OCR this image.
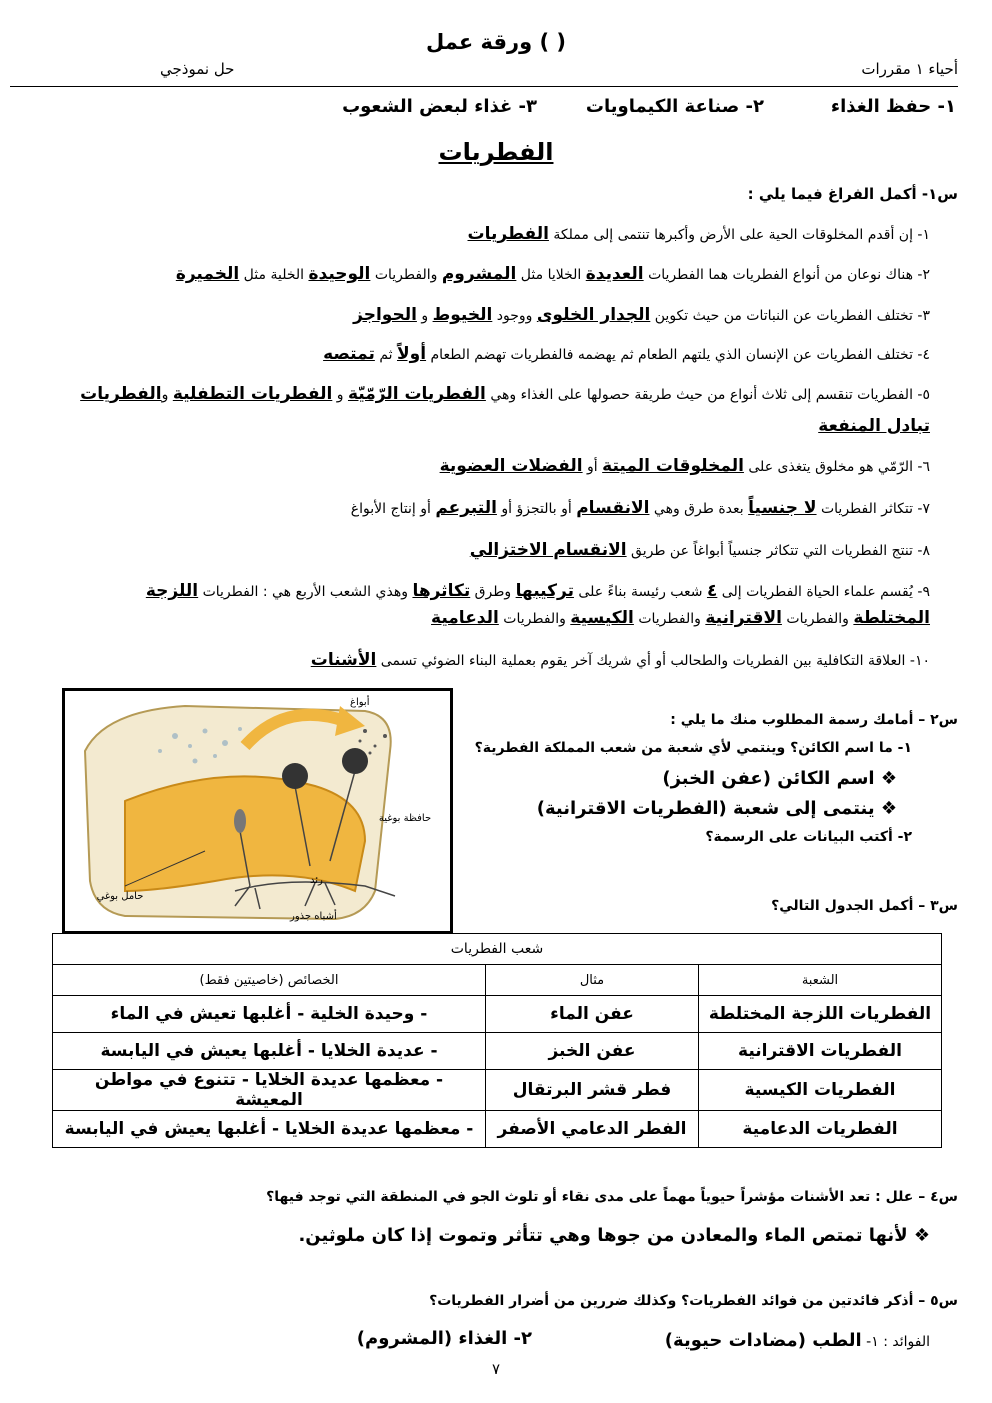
ورقة عمل ( )
أحياء ١ مقررات
حل نموذجي
١- حفظ الغذاء
٢- صناعة الكيماويات
٣- غذاء لبعض الشعوب
الفطريات
س١- أكمل الفراغ فيما يلي :
١- إن أقدم المخلوقات الحية على الأرض وأكبرها تنتمى إلى مملكة الفطريات
٢- هناك نوعان من أنواع الفطريات هما الفطريات العديدة الخلايا مثل المشروم والفطريات الوحيدة الخلية مثل الخميرة
٣- تختلف الفطريات عن النباتات من حيث تكوين الجدار الخلوى ووجود الخيوط و الحواجز
٤- تختلف الفطريات عن الإنسان الذي يلتهم الطعام ثم يهضمه فالفطريات تهضم الطعام أولاً ثم تمتصه
٥- الفطريات تنقسم إلى ثلاث أنواع من حيث طريقة حصولها على الغذاء وهي الفطريات الرّمّيّة و الفطريات التطفلية والفطريات
تبادل المنفعة
٦- الرّمّي هو مخلوق يتغذى على المخلوقات الميتة أو الفضلات العضوية
٧- تتكاثر الفطريات لا جنسياً بعدة طرق وهي الانقسام أو بالتجزؤ أو التبرعم أو إنتاج الأبواغ
٨- تنتج الفطريات التي تتكاثر جنسياً أبواغاً عن طريق الانقسام الاختزالي
٩- يُقسم علماء الحياة الفطريات إلى ٤ شعب رئيسة بناءً على تركيبها وطرق تكاثرها وهذي الشعب الأربع هي : الفطريات اللزجة
المختلطة والفطريات الاقترانية والفطريات الكيسية والفطريات الدعامية
١٠- العلاقة التكافلية بين الفطريات والطحالب أو أي شريك آخر يقوم بعملية البناء الضوئي تسمى الأشنات
أبواغ
حافظة بوغية
حامل بوغي
رئد
أشباه جذور
س٢ – أمامك رسمة المطلوب منك ما يلي :
١- ما اسم الكائن؟ وينتمي لأي شعبة من شعب المملكة الفطرية؟
❖ اسم الكائن (عفن الخبز)
❖ ينتمى إلى شعبة (الفطريات الاقترانية)
٢- أكتب البيانات على الرسمة؟
س٣ – أكمل الجدول التالي؟
شعب الفطريات		
الشعبة	مثال	الخصائص (خاصيتين فقط)
الفطريات اللزجة المختلطة	عفن الماء	- وحيدة الخلية - أغلبها تعيش في الماء
الفطريات الاقترانية	عفن الخبز	- عديدة الخلايا - أغلبها يعيش في اليابسة
الفطريات الكيسية	فطر قشر البرتقال	- معظمها عديدة الخلايا - تتنوع في مواطن المعيشة
الفطريات الدعامية	الفطر الدعامي الأصفر	- معظمها عديدة الخلايا - أغلبها يعيش في اليابسة
س٤ – علل : تعد الأشنات مؤشراً حيوياً مهماً على مدى نقاء أو تلوث الجو في المنطقة التي توجد فيها؟
❖ لأنها تمتص الماء والمعادن من جوها وهي تتأثر وتموت إذا كان ملوثين.
س٥ – أذكر فائدتين من فوائد الفطريات؟ وكذلك ضررين من أضرار الفطريات؟
الفوائد : ١- الطب (مضادات حيوية)
٢- الغذاء (المشروم)
٧
